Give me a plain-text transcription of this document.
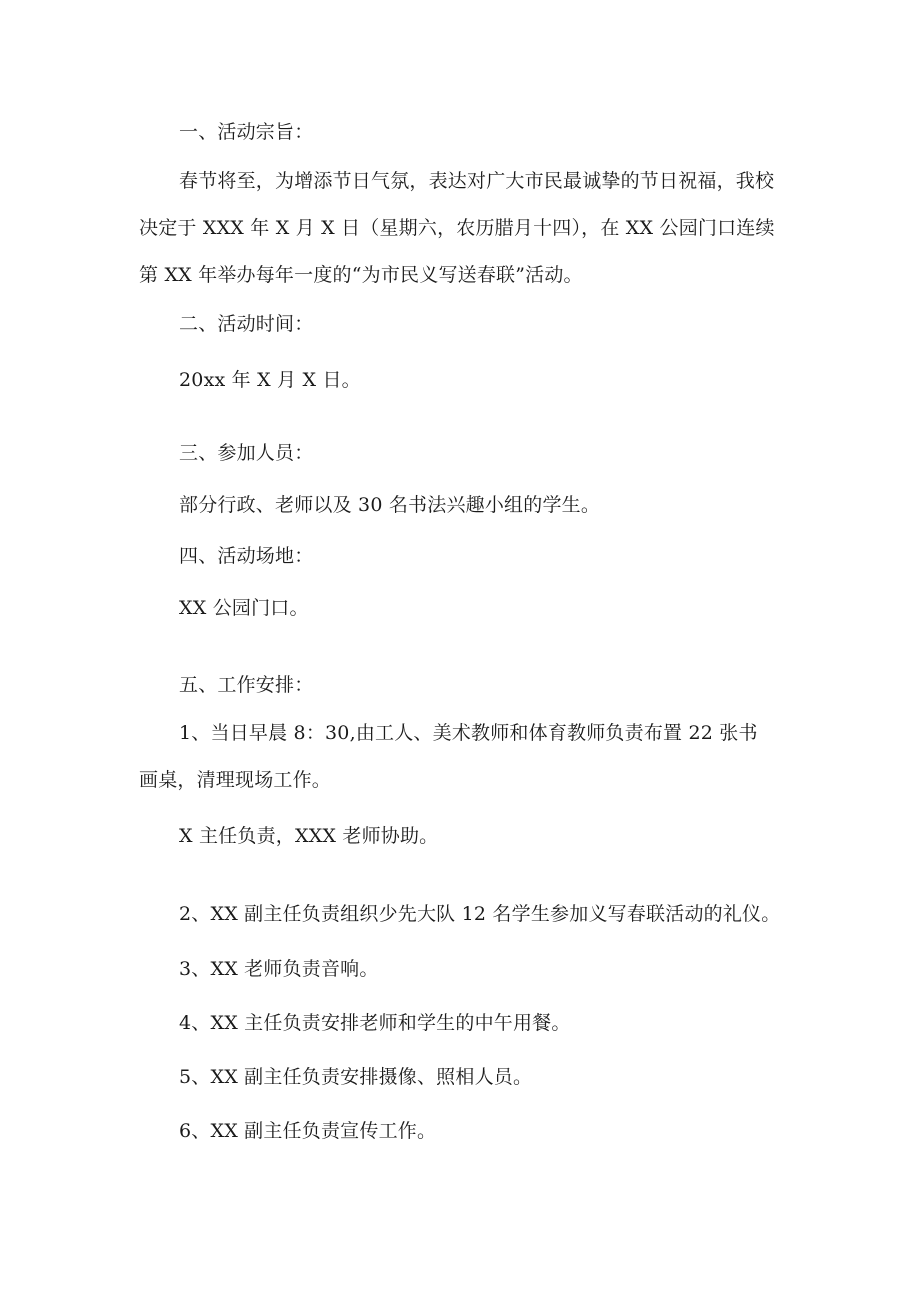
一、活动宗旨：
春节将至，为增添节日气氛，表达对广大市民最诚挚的节日祝福，我校
决定于 XXX 年 X 月 X 日（星期六，农历腊月十四），在 XX 公园门口连续
第 XX 年举办每年一度的“为市民义写送春联”活动。
二、活动时间：
20xx 年 X 月 X 日。
三、参加人员：
部分行政、老师以及 30 名书法兴趣小组的学生。
四、活动场地：
XX 公园门口。
五、工作安排：
1、当日早晨 8：30,由工人、美术教师和体育教师负责布置 22 张书
画桌，清理现场工作。
X 主任负责，XXX 老师协助。
2、XX 副主任负责组织少先大队 12 名学生参加义写春联活动的礼仪。
3、XX 老师负责音响。
4、XX 主任负责安排老师和学生的中午用餐。
5、XX 副主任负责安排摄像、照相人员。
6、XX 副主任负责宣传工作。
